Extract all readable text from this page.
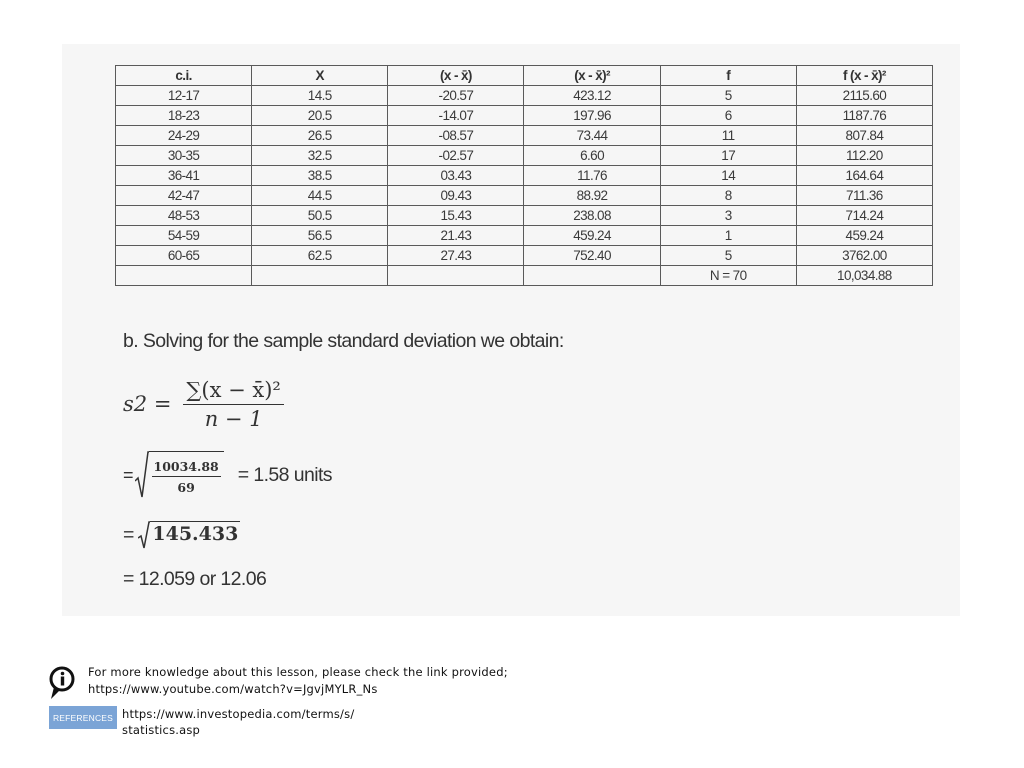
c.i.	X	(x - x̄)	(x - x̄)²	f	f (x - x̄)²
12-17	14.5	-20.57	423.12	5	2115.60
18-23	20.5	-14.07	197.96	6	1187.76
24-29	26.5	-08.57	73.44	11	807.84
30-35	32.5	-02.57	6.60	17	112.20
36-41	38.5	03.43	11.76	14	164.64
42-47	44.5	09.43	88.92	8	711.36
48-53	50.5	15.43	238.08	3	714.24
54-59	56.5	21.43	459.24	1	459.24
60-65	62.5	27.43	752.40	5	3762.00
				N = 70	10,034.88
b. Solving for the sample standard deviation we obtain:
$s2 = \frac{\text{∑(x − x̄)²}}{n - 1}$
= $\frac{10034.88}{69} = 1.58$ units
= 145.433
= 12.059 or 12.06
For more knowledge about this lesson, please check the link provided;
https://www.youtube.com/watch?v=JgvjMYLR_Ns
REFERENCES https://www.investopedia.com/terms/s/
statistics.asp
